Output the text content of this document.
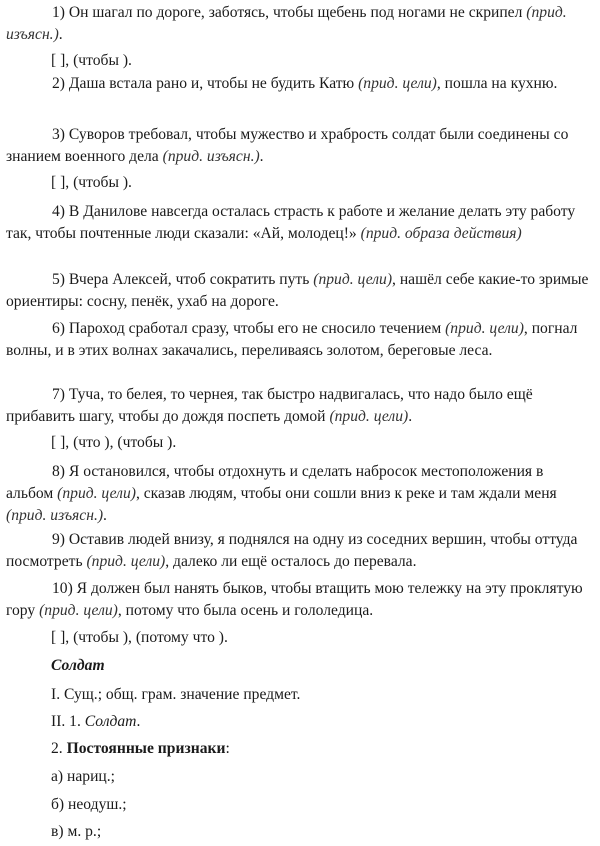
1) Он шагал по дороге, заботясь, чтобы щебень под ногами не скрипел (прид. изъясн.).

[ ], (чтобы ).

2) Даша встала рано и, чтобы не будить Катю (прид. цели), пошла на кухню.

3) Суворов требовал, чтобы мужество и храбрость солдат были соединены со знанием военного дела (прид. изъясн.).

[ ], (чтобы ).

4) В Данилове навсегда осталась страсть к работе и желание делать эту работу так, чтобы почтенные люди сказали: «Ай, молодец!» (прид. образа действия)

5) Вчера Алексей, чтоб сократить путь (прид. цели), нашёл себе какие-то зримые ориентиры: сосну, пенёк, ухаб на дороге.

6) Пароход сработал сразу, чтобы его не сносило течением (прид. цели), погнал волны, и в этих волнах закачались, переливаясь золотом, береговые леса.

7) Туча, то белея, то чернея, так быстро надвигалась, что надо было ещё прибавить шагу, чтобы до дождя поспеть домой (прид. цели).

[ ], (что ), (чтобы ).

8) Я остановился, чтобы отдохнуть и сделать набросок местоположения в альбом (прид. цели), сказав людям, чтобы они сошли вниз к реке и там ждали меня (прид. изъясн.).

9) Оставив людей внизу, я поднялся на одну из соседних вершин, чтобы оттуда посмотреть (прид. цели), далеко ли ещё осталось до перевала.

10) Я должен был нанять быков, чтобы втащить мою тележку на эту проклятую гору (прид. цели), потому что была осень и гололедица.

[ ], (чтобы ), (потому что ).

Солдат

I. Сущ.; общ. грам. значение предмет.

II. 1. Солдат.

2. Постоянные признаки:

а) нариц.;

б) неодуш.;

в) м. р.;
